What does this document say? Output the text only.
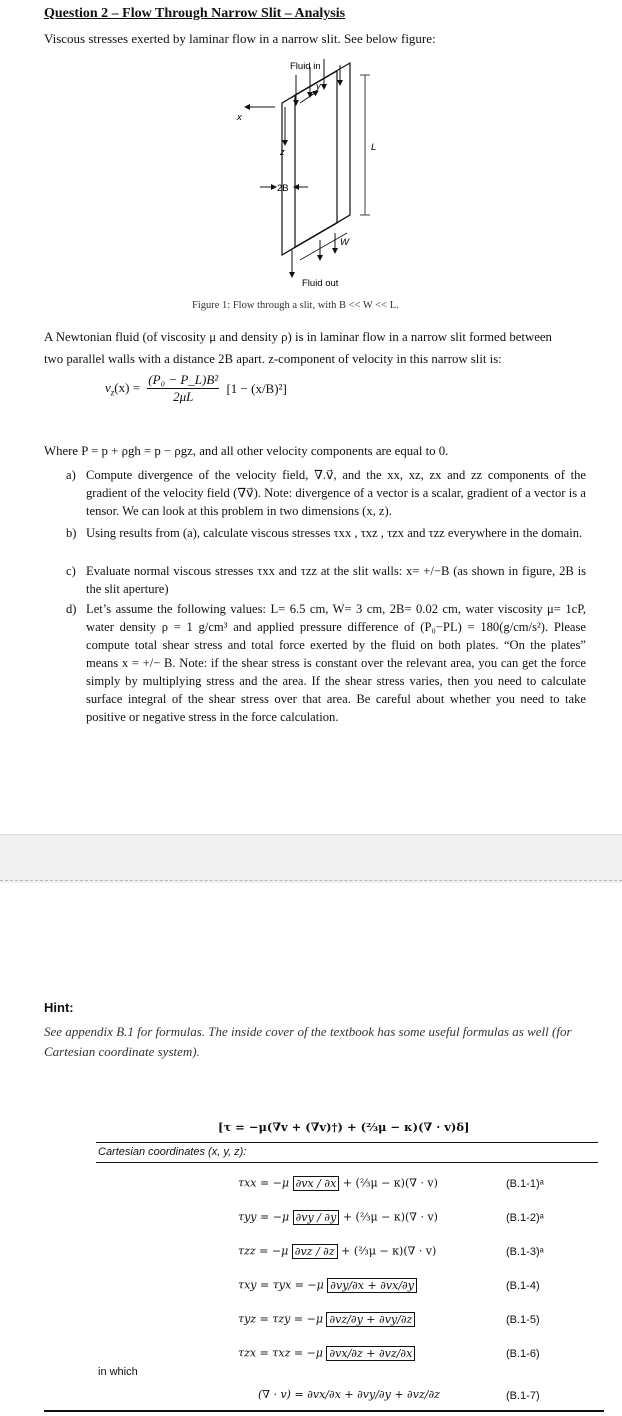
Question 2 – Flow Through Narrow Slit – Analysis
Viscous stresses exerted by laminar flow in a narrow slit. See below figure:
Fluid in
y
x
z
2B
L
W
Fluid out
Figure 1: Flow through a slit, with B << W << L.
A Newtonian fluid (of viscosity μ and density ρ) is in laminar flow in a narrow slit formed between
two parallel walls with a distance 2B apart. z-component of velocity in this narrow slit is:
$v_z(x) = \frac{\text{(P₀ − P\_L)B²}}{2\mu L} [1 - (x/B)^2]$
Where P = p + ρgh = p − ρgz, and all other velocity components are equal to 0.
a) Compute divergence of the velocity field, ∇.v⃗, and the xx, xz, zx and zz components of the gradient of the velocity field (∇v⃗). Note: divergence of a vector is a scalar, gradient of a vector is a tensor. We can look at this problem in two dimensions (x, z).
b) Using results from (a), calculate viscous stresses τxx , τxz , τzx and τzz everywhere in the domain.
c) Evaluate normal viscous stresses τxx and τzz at the slit walls: x= +/−B (as shown in figure, 2B is the slit aperture)
d) Let’s assume the following values: L= 6.5 cm, W= 3 cm, 2B= 0.02 cm, water viscosity μ= 1cP, water density ρ = 1 g/cm³ and applied pressure difference of (P₀−PL) = 180(g/cm/s²). Please compute total shear stress and total force exerted by the fluid on both plates. “On the plates” means x = +/− B. Note: if the shear stress is constant over the relevant area, you can get the force simply by multiplying stress and the area. If the shear stress varies, then you need to calculate surface integral of the shear stress over that area. Be careful about whether you need to take positive or negative stress in the force calculation.
Hint:
See appendix B.1 for formulas. The inside cover of the textbook has some useful formulas as well (for Cartesian coordinate system).
[τ = −μ(∇v + (∇v)†) + (⅔μ − κ)(∇ · v)δ]
Cartesian coordinates (x, y, z):
τxx = −μ ∂vx / ∂x + (⅔μ − κ)(∇ · v)	(B.1-1)ᵃ
τyy = −μ ∂vy / ∂y + (⅔μ − κ)(∇ · v)	(B.1-2)ᵃ
τzz = −μ ∂vz / ∂z + (⅔μ − κ)(∇ · v)	(B.1-3)ᵃ
τxy = τyx = −μ ∂vy/∂x + ∂vx/∂y	(B.1-4)
τyz = τzy = −μ ∂vz/∂y + ∂vy/∂z	(B.1-5)
τzx = τxz = −μ ∂vx/∂z + ∂vz/∂x	(B.1-6)
in which
(∇ · v) = ∂vx/∂x + ∂vy/∂y + ∂vz/∂z	(B.1-7)
